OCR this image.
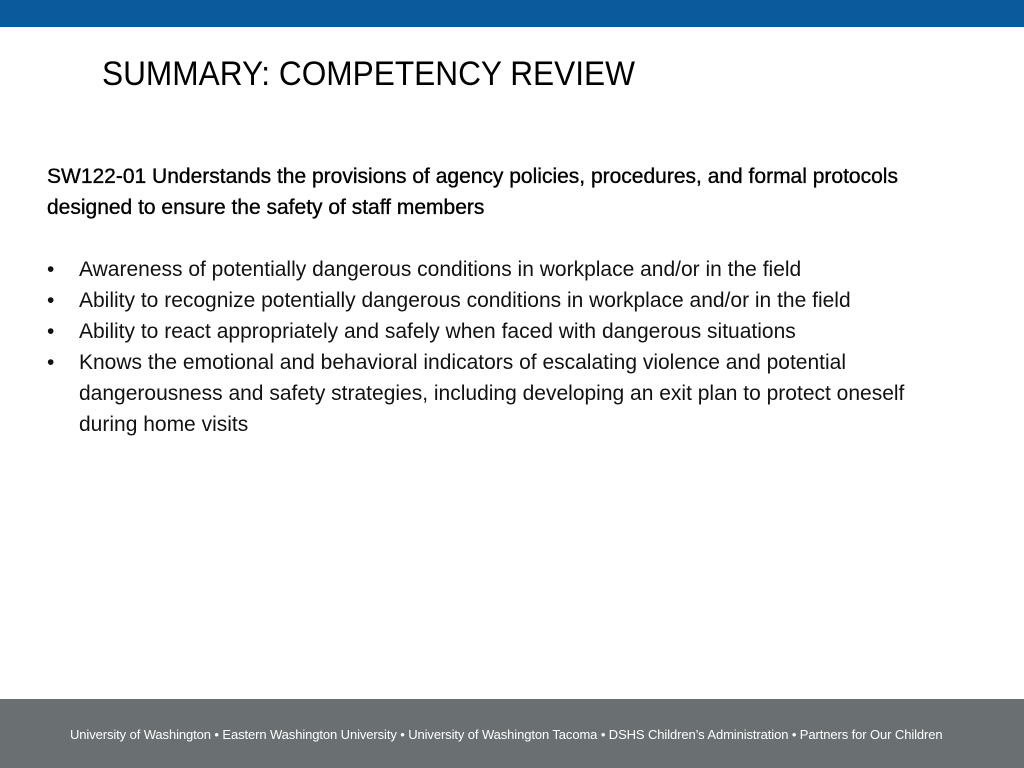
SUMMARY: COMPETENCY REVIEW

SW122-01 Understands the provisions of agency policies, procedures, and formal protocols designed to ensure the safety of staff members

•	Awareness of potentially dangerous conditions in workplace and/or in the field
•	Ability to recognize potentially dangerous conditions in workplace and/or in the field
•	Ability to react appropriately and safely when faced with dangerous situations
•	Knows the emotional and behavioral indicators of escalating violence and potential dangerousness and safety strategies, including developing an exit plan to protect oneself during home visits
University of Washington • Eastern Washington University • University of Washington Tacoma • DSHS Children’s Administration • Partners for Our Children
